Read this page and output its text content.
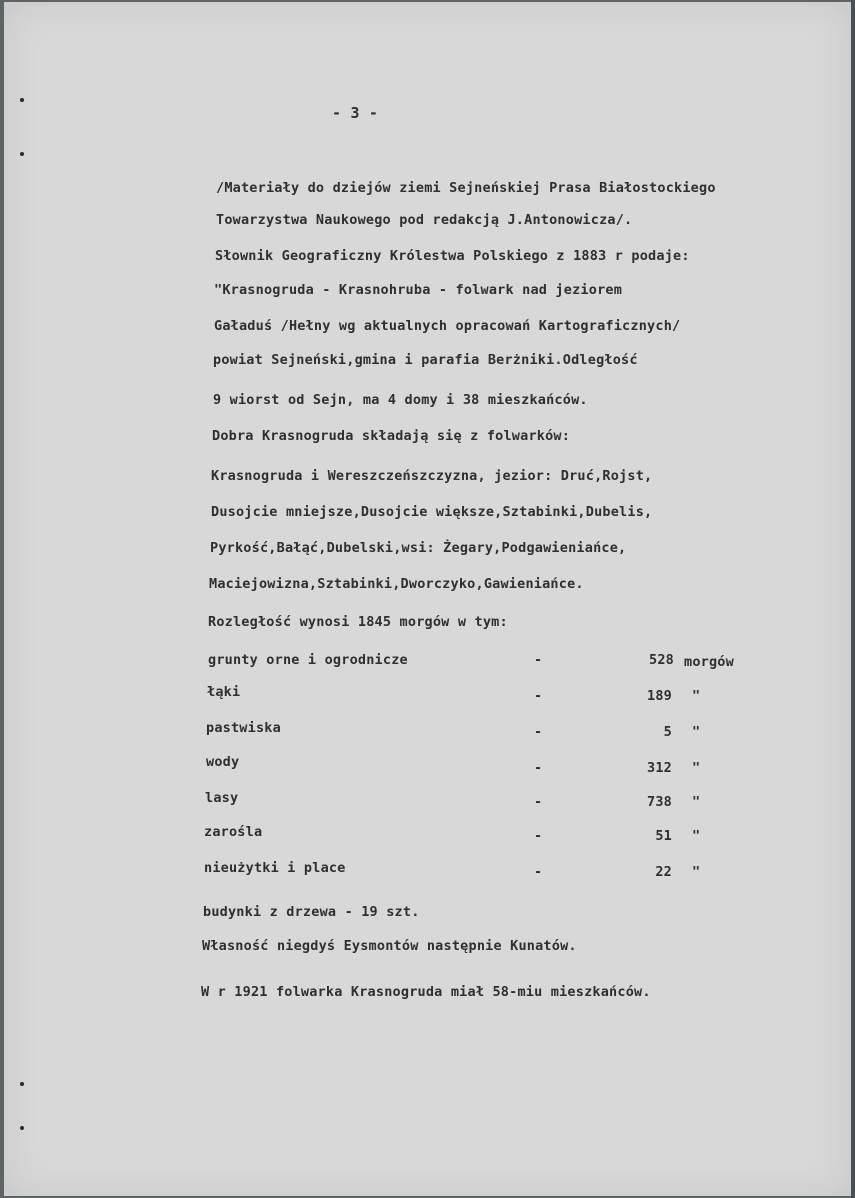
- 3 -
/Materiały do dziejów ziemi Sejneńskiej Prasa Białostockiego
Towarzystwa Naukowego pod redakcją J.Antonowicza/.
Słownik Geograficzny Królestwa Polskiego z 1883 r podaje:
"Krasnogruda - Krasnohruba - folwark nad jeziorem
Gaładuś /Hełny wg aktualnych opracowań Kartograficznych/
powiat Sejneński,gmina i parafia Berżniki.Odległość
9 wiorst od Sejn, ma 4 domy i 38 mieszkańców.
Dobra Krasnogruda składają się z folwarków:
Krasnogruda i Wereszczeńszczyzna, jezior: Druć,Rojst,
Dusojcie mniejsze,Dusojcie większe,Sztabinki,Dubelis,
Pyrkość,Bałąć,Dubelski,wsi: Żegary,Podgawieniańce,
Maciejowizna,Sztabinki,Dworczyko,Gawieniańce.
Rozległość wynosi 1845 morgów w tym:
grunty orne i ogrodnicze	-	528 morgów
łąki	-	189 "
pastwiska	-	5 "
wody	-	312 "
lasy	-	738 "
zarośla	-	51 "
nieużytki i place	-	22 "
budynki z drzewa - 19 szt.
Własność niegdyś Eysmontów następnie Kunatów.
W r 1921 folwarka Krasnogruda miał 58-miu mieszkańców.
